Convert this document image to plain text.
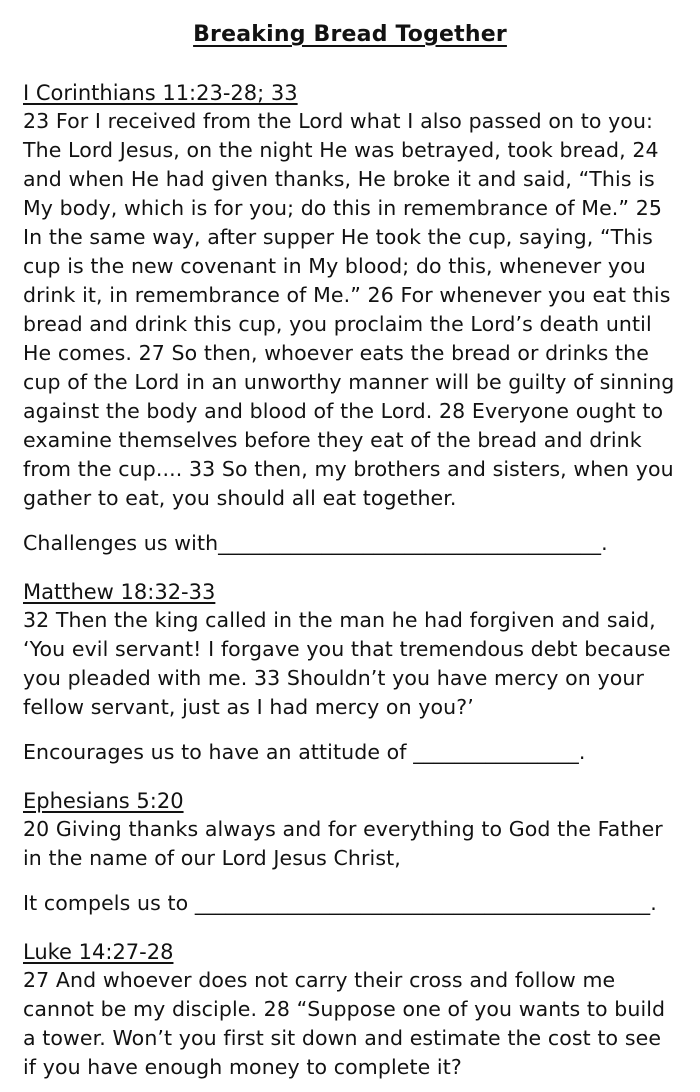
Breaking Bread Together
I Corinthians 11:23-28; 33

23 For I received from the Lord what I also passed on to you: The Lord Jesus, on the night He was betrayed, took bread, 24 and when He had given thanks, He broke it and said, “This is My body, which is for you; do this in remembrance of Me.” 25 In the same way, after supper He took the cup, saying, “This cup is the new covenant in My blood; do this, whenever you drink it, in remembrance of Me.” 26 For whenever you eat this bread and drink this cup, you proclaim the Lord’s death until He comes. 27 So then, whoever eats the bread or drinks the cup of the Lord in an unworthy manner will be guilty of sinning against the body and blood of the Lord. 28 Everyone ought to examine themselves before they eat of the bread and drink from the cup.... 33 So then, my brothers and sisters, when you gather to eat, you should all eat together.

Challenges us with_____________________________________.

Matthew 18:32-33

32 Then the king called in the man he had forgiven and said, ‘You evil servant! I forgave you that tremendous debt because you pleaded with me. 33 Shouldn’t you have mercy on your fellow servant, just as I had mercy on you?’

Encourages us to have an attitude of ________________.

Ephesians 5:20

20 Giving thanks always and for everything to God the Father in the name of our Lord Jesus Christ,

It compels us to ____________________________________________.

Luke 14:27-28

27 And whoever does not carry their cross and follow me cannot be my disciple. 28 “Suppose one of you wants to build a tower. Won’t you first sit down and estimate the cost to see if you have enough money to complete it?
